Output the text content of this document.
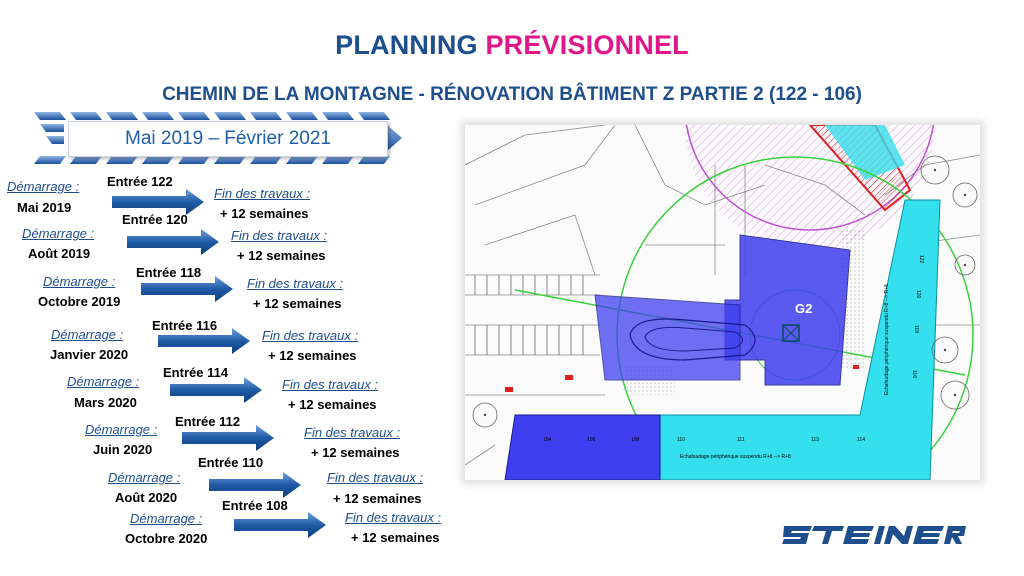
PLANNING PRÉVISIONNEL
CHEMIN DE LA MONTAGNE - RÉNOVATION BÂTIMENT Z PARTIE 2 (122 - 106)
Mai 2019 – Février 2021
Démarrage :
Mai 2019
Entrée 122
Fin des travaux :
+ 12 semaines
Démarrage :
Août 2019
Entrée 120
Fin des travaux :
+ 12 semaines
Démarrage :
Octobre 2019
Entrée 118
Fin des travaux :
+ 12 semaines
Démarrage :
Janvier 2020
Entrée 116
Fin des travaux :
+ 12 semaines
Démarrage :
Mars 2020
Entrée 114
Fin des travaux :
+ 12 semaines
Démarrage :
Juin 2020
Entrée 112
Fin des travaux :
+ 12 semaines
Démarrage :
Août 2020
Entrée 110
Fin des travaux :
+ 12 semaines
Démarrage :
Octobre 2020
Entrée 108
Fin des travaux :
+ 12 semaines
G2
104	106	108	110	111	113	114
122
120
118
116
Echafaudage périphérique suspendu R+8 --> R+8
Echafaudage périphérique suspendu R+8 --> R+8
